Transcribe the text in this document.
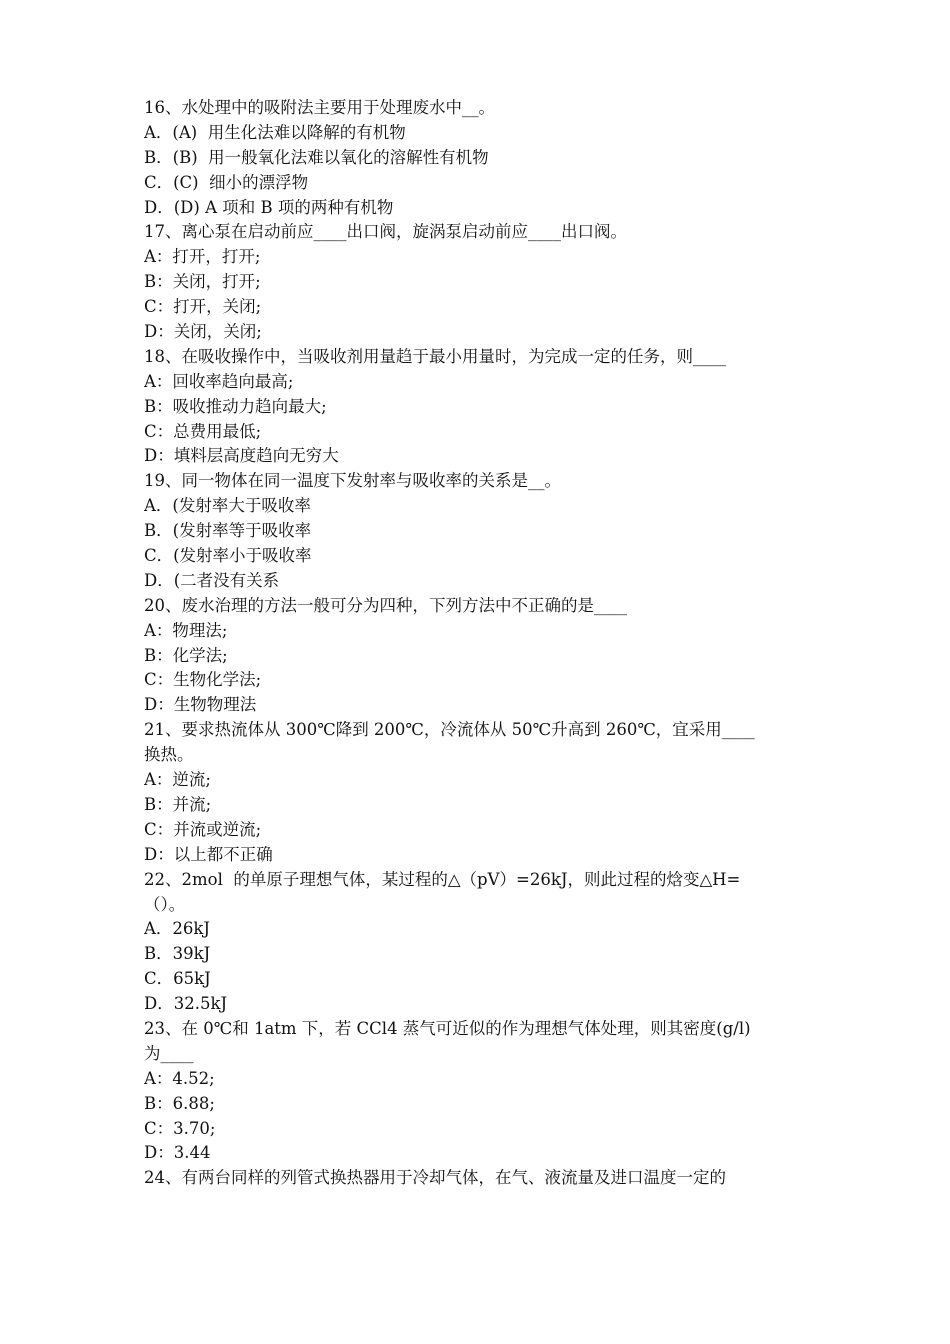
16、水处理中的吸附法主要用于处理废水中__。
A．(A)  用生化法难以降解的有机物
B．(B)  用一般氧化法难以氧化的溶解性有机物
C．(C)  细小的漂浮物
D．(D) A 项和 B 项的两种有机物
17、离心泵在启动前应____出口阀，旋涡泵启动前应____出口阀。
A：打开，打开;
B：关闭，打开;
C：打开，关闭;
D：关闭，关闭;
18、在吸收操作中，当吸收剂用量趋于最小用量时，为完成一定的任务，则____
A：回收率趋向最高;
B：吸收推动力趋向最大;
C：总费用最低;
D：填料层高度趋向无穷大
19、同一物体在同一温度下发射率与吸收率的关系是__。
A．(发射率大于吸收率
B．(发射率等于吸收率
C．(发射率小于吸收率
D．(二者没有关系
20、废水治理的方法一般可分为四种，下列方法中不正确的是____
A：物理法;
B：化学法;
C：生物化学法;
D：生物物理法
21、要求热流体从 300℃降到 200℃，冷流体从 50℃升高到 260℃，宜采用____
换热。
A：逆流;
B：并流;
C：并流或逆流;
D：以上都不正确
22、2mol  的单原子理想气体，某过程的△（pV）=26kJ，则此过程的焓变△H=
（）。
A．26kJ
B．39kJ
C．65kJ
D．32.5kJ
23、在 0℃和 1atm 下，若 CCl4 蒸气可近似的作为理想气体处理，则其密度(g/l)
为____
A：4.52;
B：6.88;
C：3.70;
D：3.44
24、有两台同样的列管式换热器用于冷却气体，在气、液流量及进口温度一定的
